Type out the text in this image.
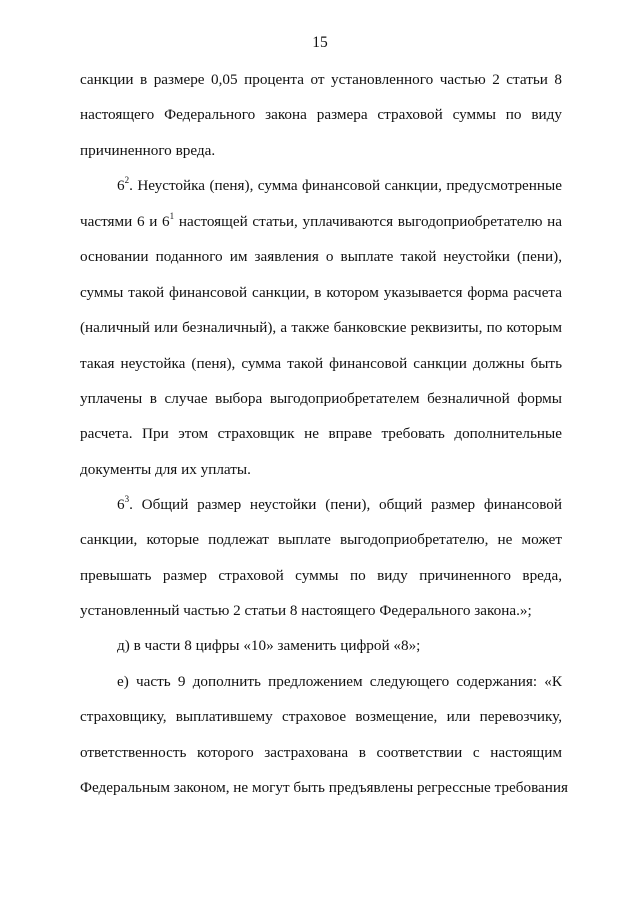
15
санкции в размере 0,05 процента от установленного частью 2 статьи 8
настоящего Федерального закона размера страховой суммы по виду
причиненного вреда.
$6^2$. Неустойка (пеня), сумма финансовой санкции, предусмотренные
частями 6 и $6^1$ настоящей статьи, уплачиваются выгодоприобретателю на
основании поданного им заявления о выплате такой неустойки (пени),
суммы такой финансовой санкции, в котором указывается форма расчета
(наличный или безналичный), а также банковские реквизиты, по которым
такая неустойка (пеня), сумма такой финансовой санкции должны быть
уплачены в случае выбора выгодоприобретателем безналичной формы
расчета. При этом страховщик не вправе требовать дополнительные
документы для их уплаты.
$6^3$. Общий размер неустойки (пени), общий размер финансовой
санкции, которые подлежат выплате выгодоприобретателю, не может
превышать размер страховой суммы по виду причиненного вреда,
установленный частью 2 статьи 8 настоящего Федерального закона.»;
д) в части 8 цифры «10» заменить цифрой «8»;
е) часть 9 дополнить предложением следующего содержания: «К
страховщику, выплатившему страховое возмещение, или перевозчику,
ответственность которого застрахована в соответствии с настоящим
Федеральным законом, не могут быть предъявлены регрессные требования
